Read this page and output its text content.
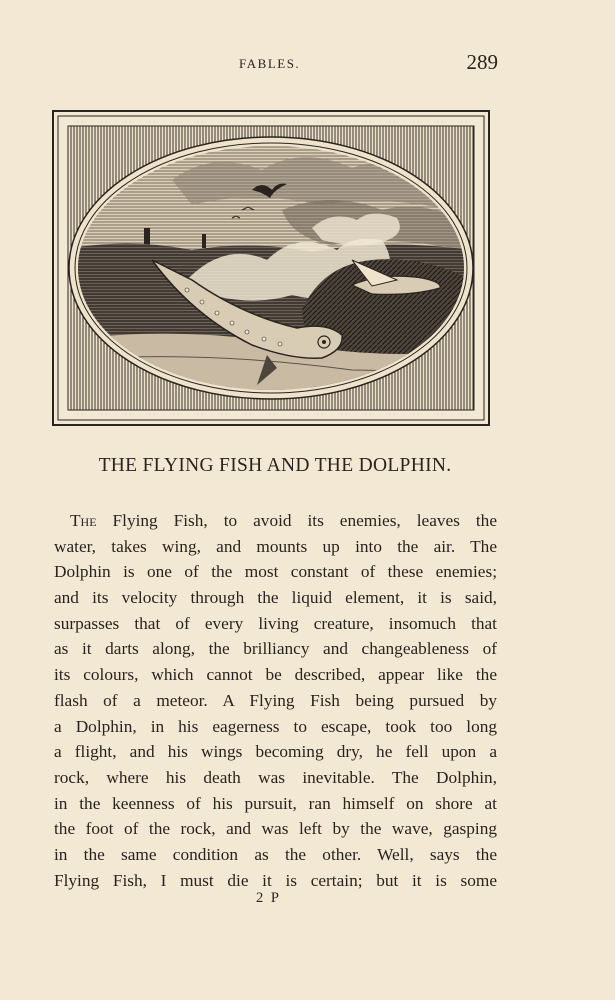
FABLES.	289
THE FLYING FISH AND THE DOLPHIN.
The Flying Fish, to avoid its enemies, leaves the
water, takes wing, and mounts up into the air. The
Dolphin is one of the most constant of these enemies;
and its velocity through the liquid element, it is said,
surpasses that of every living creature, insomuch that
as it darts along, the brilliancy and changeableness of
its colours, which cannot be described, appear like the
flash of a meteor. A Flying Fish being pursued by
a Dolphin, in his eagerness to escape, took too long
a flight, and his wings becoming dry, he fell upon a
rock, where his death was inevitable. The Dolphin,
in the keenness of his pursuit, ran himself on shore at
the foot of the rock, and was left by the wave, gasping
in the same condition as the other. Well, says the
Flying Fish, I must die it is certain; but it is some
2 P
